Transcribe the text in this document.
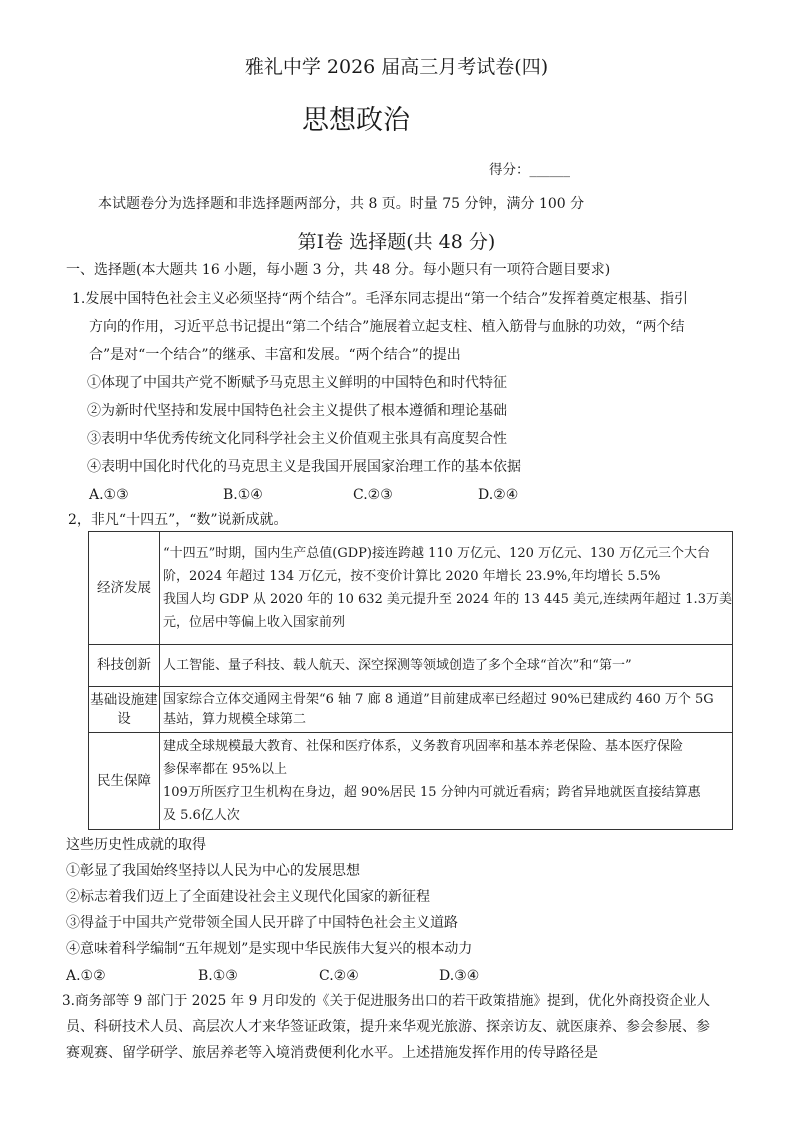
雅礼中学 2026 届高三月考试卷(四)
思想政治
得分：______
本试题卷分为选择题和非选择题两部分，共 8 页。时量 75 分钟，满分 100 分
第Ⅰ卷 选择题(共 48 分)
一、选择题(本大题共 16 小题，每小题 3 分，共 48 分。每小题只有一项符合题目要求)
1.发展中国特色社会主义必须坚持“两个结合”。毛泽东同志提出“第一个结合”发挥着奠定根基、指引
方向的作用，习近平总书记提出“第二个结合”施展着立起支柱、植入筋骨与血脉的功效，“两个结
合”是对“一个结合”的继承、丰富和发展。“两个结合”的提出
①体现了中国共产党不断赋予马克思主义鲜明的中国特色和时代特征
②为新时代坚持和发展中国特色社会主义提供了根本遵循和理论基础
③表明中华优秀传统文化同科学社会主义价值观主张具有高度契合性
④表明中国化时代化的马克思主义是我国开展国家治理工作的基本依据
A.①③	B.①④	C.②③	D.②④
2，非凡“十四五”，“数”说新成就。
经济发展	“十四五”时期，国内生产总值(GDP)接连跨越 110 万亿元、120 万亿元、130 万亿元三个大台
阶，2024 年超过 134 万亿元，按不变价计算比 2020 年增长 23.9%,年均增长 5.5%
我国人均 GDP 从 2020 年的 10 632 美元提升至 2024 年的 13 445 美元,连续两年超过 1.3万美
元，位居中等偏上收入国家前列

科技创新	人工智能、量子科技、载人航天、深空探测等领域创造了多个全球“首次”和“第一”

基础设施建设	国家综合立体交通网主骨架“6 轴 7 廊 8 通道”目前建成率已经超过 90%已建成约 460 万个 5G
基站，算力规模全球第二

民生保障	建成全球规模最大教育、社保和医疗体系，义务教育巩固率和基本养老保险、基本医疗保险
参保率都在 95%以上
109万所医疗卫生机构在身边，超 90%居民 15 分钟内可就近看病；跨省异地就医直接结算惠
及 5.6亿人次
这些历史性成就的取得
①彰显了我国始终坚持以人民为中心的发展思想
②标志着我们迈上了全面建设社会主义现代化国家的新征程
③得益于中国共产党带领全国人民开辟了中国特色社会主义道路
④意味着科学编制“五年规划”是实现中华民族伟大复兴的根本动力
A.①②	B.①③	C.②④	D.③④
3.商务部等 9 部门于 2025 年 9 月印发的《关于促进服务出口的若干政策措施》提到，优化外商投资企业人
员、科研技术人员、高层次人才来华签证政策，提升来华观光旅游、探亲访友、就医康养、参会参展、参
赛观赛、留学研学、旅居养老等入境消费便利化水平。上述措施发挥作用的传导路径是
